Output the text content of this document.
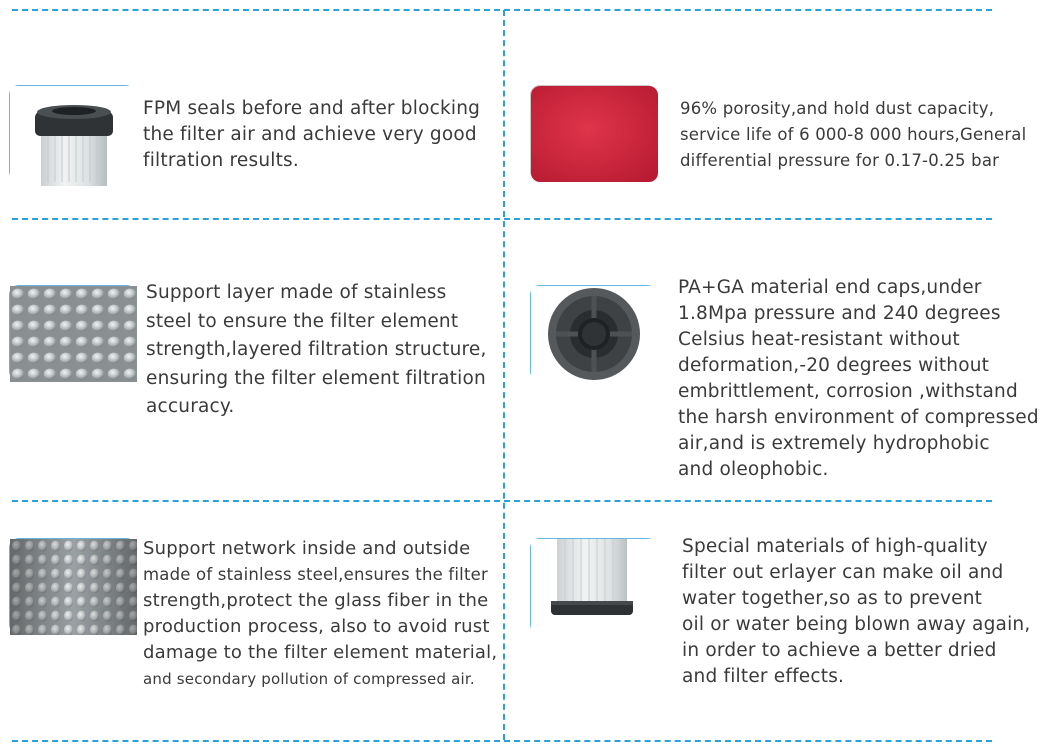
FPM seals before and after blocking
the filter air and achieve very good
filtration results.
96% porosity,and hold dust capacity,
service life of 6 000-8 000 hours,General
differential pressure for 0.17-0.25 bar
Support layer made of stainless
steel to ensure the filter element
strength,layered filtration structure,
ensuring the filter element filtration
accuracy.
PA+GA material end caps,under
1.8Mpa pressure and 240 degrees
Celsius heat-resistant without
deformation,-20 degrees without
embrittlement, corrosion ,withstand
the harsh environment of compressed
air,and is extremely hydrophobic
and oleophobic.
Support network inside and outside
made of stainless steel,ensures the filter
strength,protect the glass fiber in the
production process, also to avoid rust
damage to the filter element material,
and secondary pollution of compressed air.
Special materials of high-quality
filter out erlayer can make oil and
water together,so as to prevent
oil or water being blown away again,
in order to achieve a better dried
and filter effects.
